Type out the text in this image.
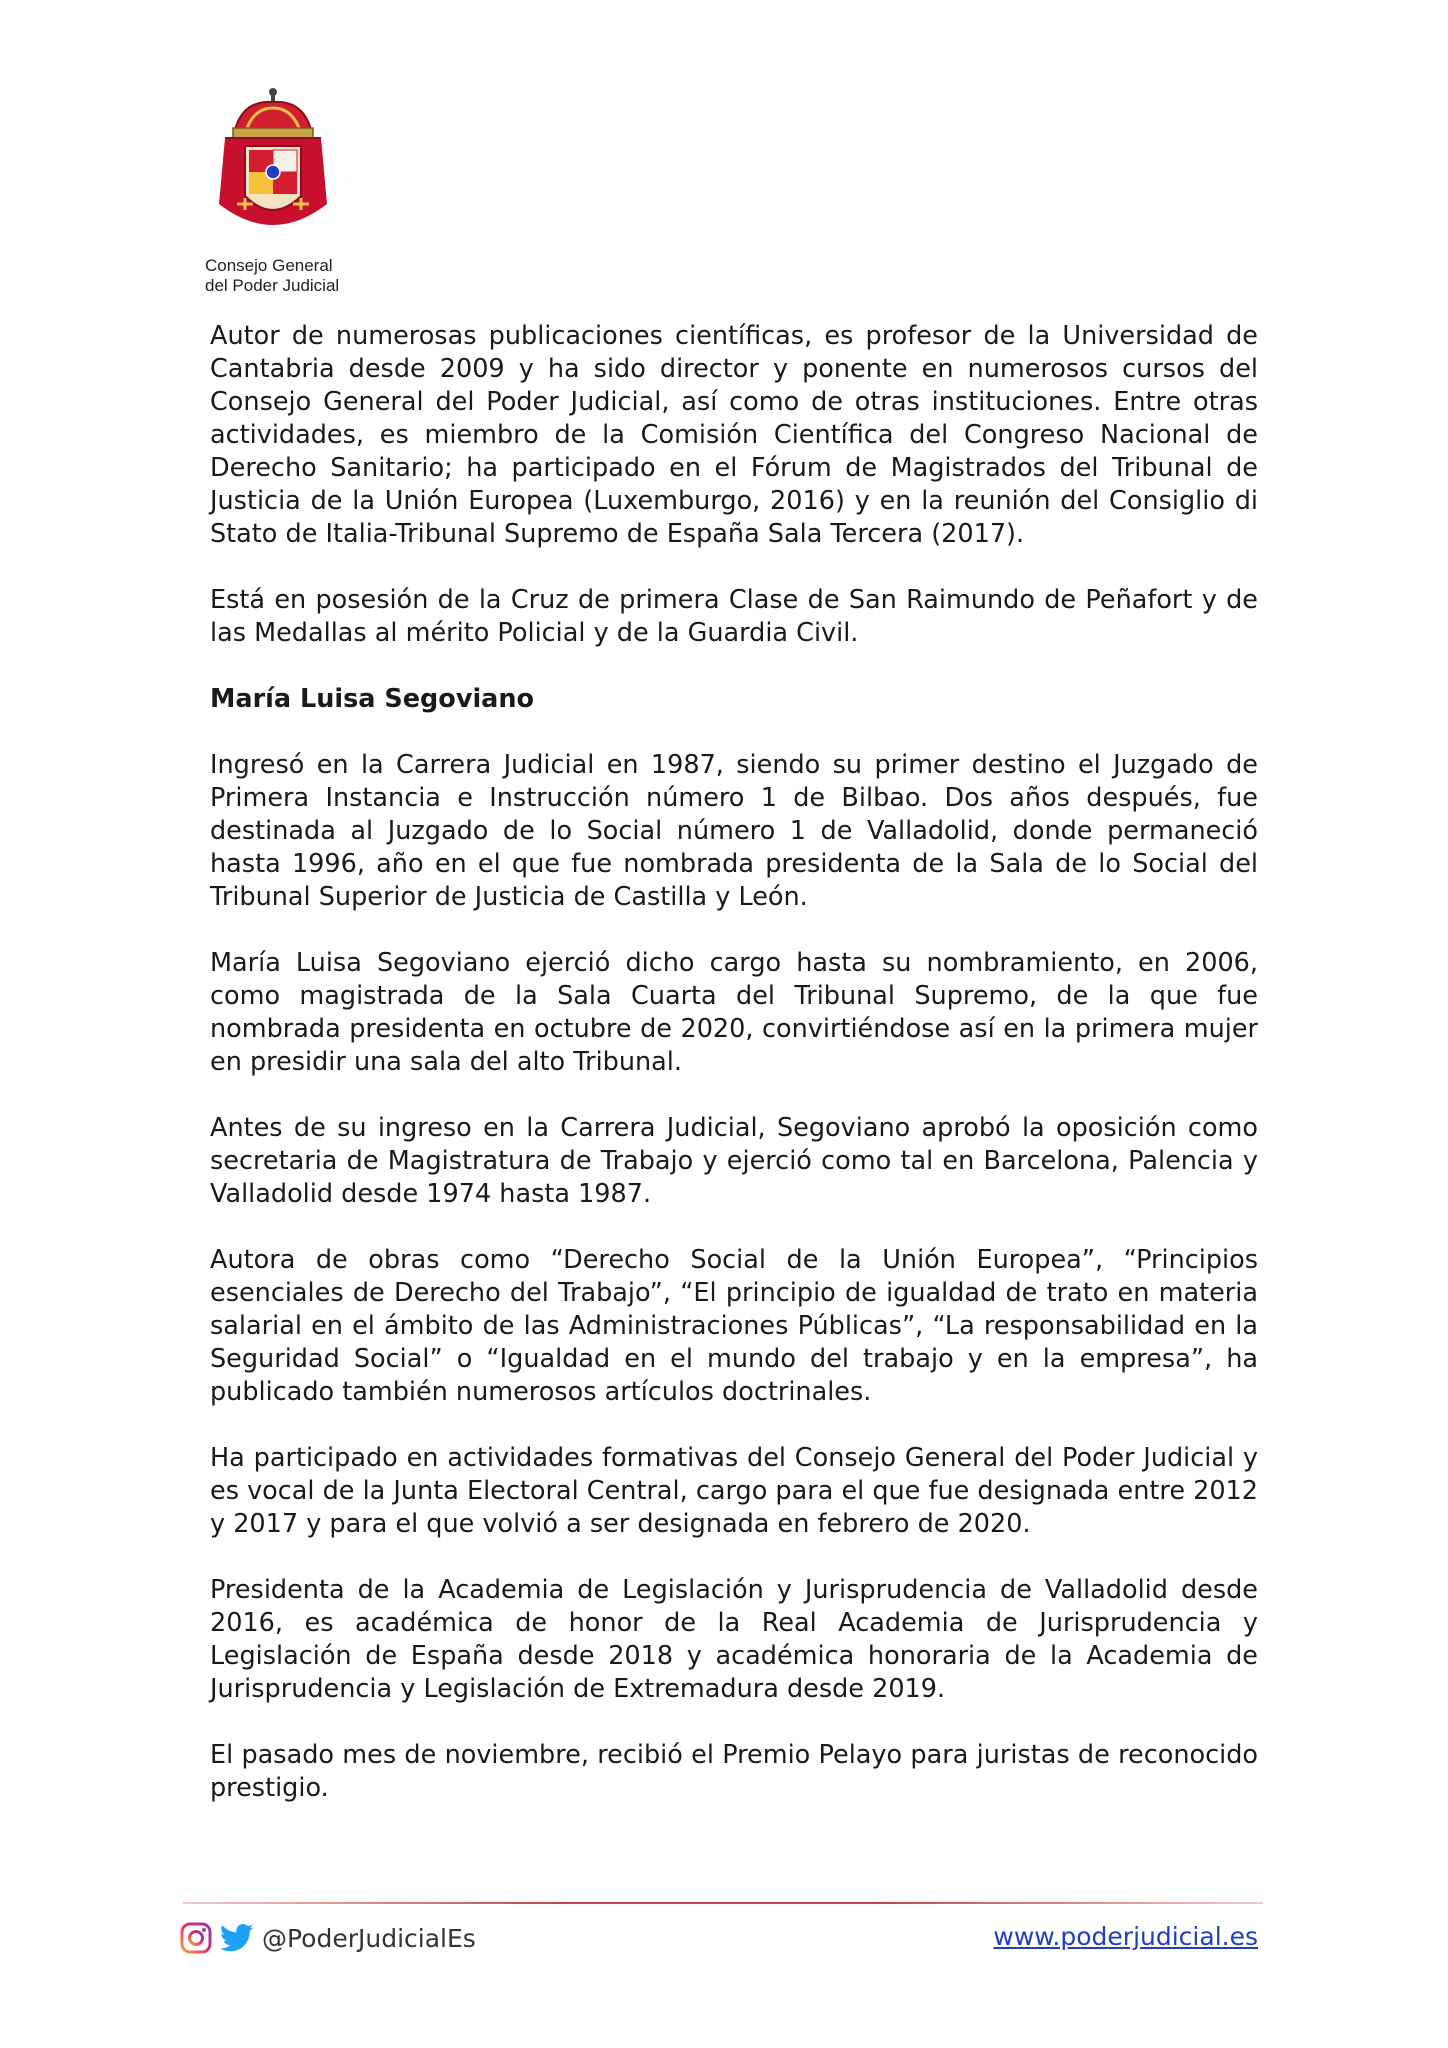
Consejo General
del Poder Judicial

Autor de numerosas publicaciones científicas, es profesor de la Universidad de Cantabria desde 2009 y ha sido director y ponente en numerosos cursos del Consejo General del Poder Judicial, así como de otras instituciones. Entre otras actividades, es miembro de la Comisión Científica del Congreso Nacional de Derecho Sanitario; ha participado en el Fórum de Magistrados del Tribunal de Justicia de la Unión Europea (Luxemburgo, 2016) y en la reunión del Consiglio di Stato de Italia-Tribunal Supremo de España Sala Tercera (2017).

Está en posesión de la Cruz de primera Clase de San Raimundo de Peñafort y de las Medallas al mérito Policial y de la Guardia Civil.

María Luisa Segoviano

Ingresó en la Carrera Judicial en 1987, siendo su primer destino el Juzgado de Primera Instancia e Instrucción número 1 de Bilbao. Dos años después, fue destinada al Juzgado de lo Social número 1 de Valladolid, donde permaneció hasta 1996, año en el que fue nombrada presidenta de la Sala de lo Social del Tribunal Superior de Justicia de Castilla y León.

María Luisa Segoviano ejerció dicho cargo hasta su nombramiento, en 2006, como magistrada de la Sala Cuarta del Tribunal Supremo, de la que fue nombrada presidenta en octubre de 2020, convirtiéndose así en la primera mujer en presidir una sala del alto Tribunal.

Antes de su ingreso en la Carrera Judicial, Segoviano aprobó la oposición como secretaria de Magistratura de Trabajo y ejerció como tal en Barcelona, Palencia y Valladolid desde 1974 hasta 1987.

Autora de obras como “Derecho Social de la Unión Europea”, “Principios esenciales de Derecho del Trabajo”, “El principio de igualdad de trato en materia salarial en el ámbito de las Administraciones Públicas”, “La responsabilidad en la Seguridad Social” o “Igualdad en el mundo del trabajo y en la empresa”, ha publicado también numerosos artículos doctrinales.

Ha participado en actividades formativas del Consejo General del Poder Judicial y es vocal de la Junta Electoral Central, cargo para el que fue designada entre 2012 y 2017 y para el que volvió a ser designada en febrero de 2020.

Presidenta de la Academia de Legislación y Jurisprudencia de Valladolid desde 2016, es académica de honor de la Real Academia de Jurisprudencia y Legislación de España desde 2018 y académica honoraria de la Academia de Jurisprudencia y Legislación de Extremadura desde 2019.

El pasado mes de noviembre, recibió el Premio Pelayo para juristas de reconocido prestigio.

@PoderJudicialEs	www.poderjudicial.es
